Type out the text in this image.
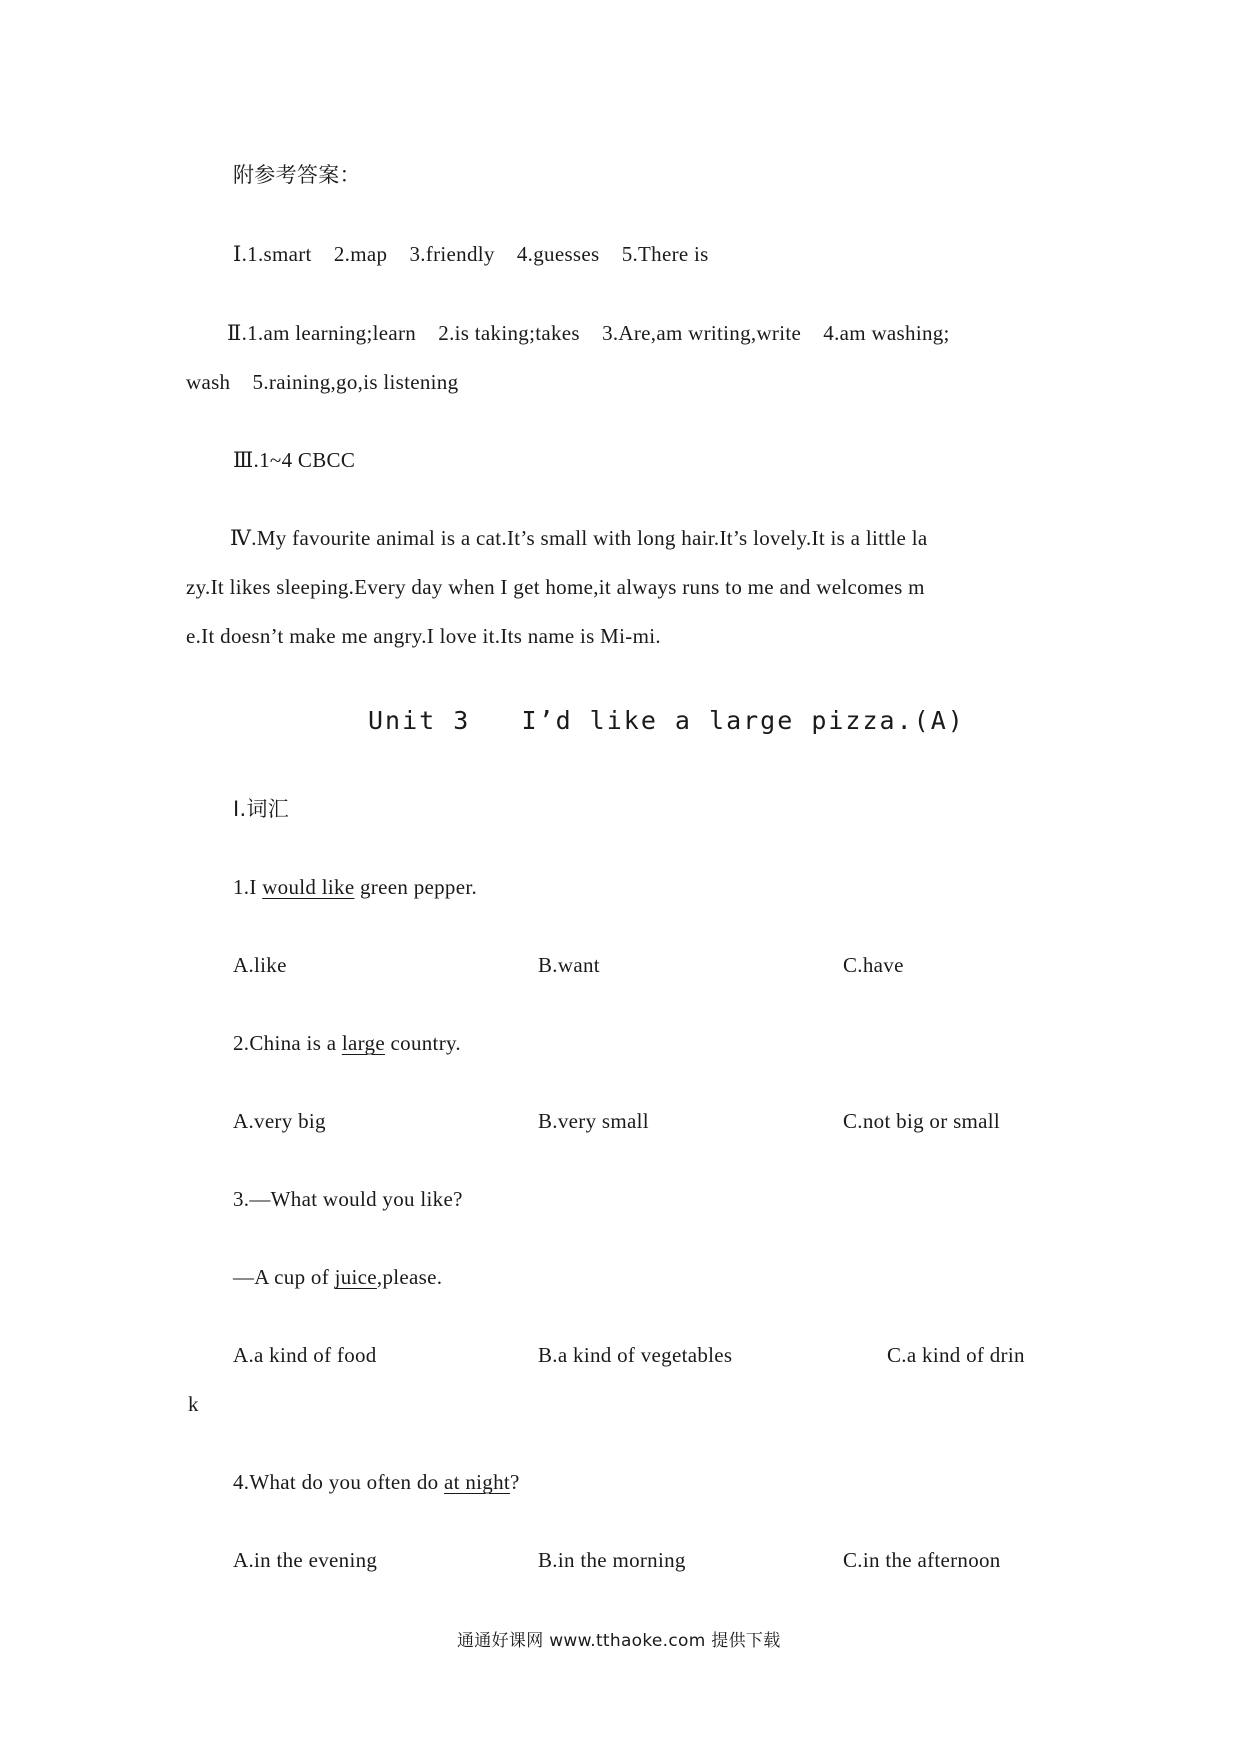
附参考答案：
Ⅰ.1.smart    2.map    3.friendly    4.guesses    5.There is
Ⅱ.1.am learning;learn    2.is taking;takes    3.Are,am writing,write    4.am washing;
wash    5.raining,go,is listening
Ⅲ.1~4 CBCC
Ⅳ.My favourite animal is a cat.It’s small with long hair.It’s lovely.It is a little la
zy.It likes sleeping.Every day when I get home,it always runs to me and welcomes m
e.It doesn’t make me angry.I love it.Its name is Mi-mi.
Unit 3   I’d like a large pizza.(A)
Ⅰ.词汇
1.I would like green pepper.
A.like	B.want	C.have
2.China is a large country.
A.very big	B.very small	C.not big or small
3.—What would you like?
—A cup of juice,please.
A.a kind of food	B.a kind of vegetables	C.a kind of drin
k
4.What do you often do at night?
A.in the evening	B.in the morning	C.in the afternoon
通通好课网 www.tthaoke.com 提供下载
